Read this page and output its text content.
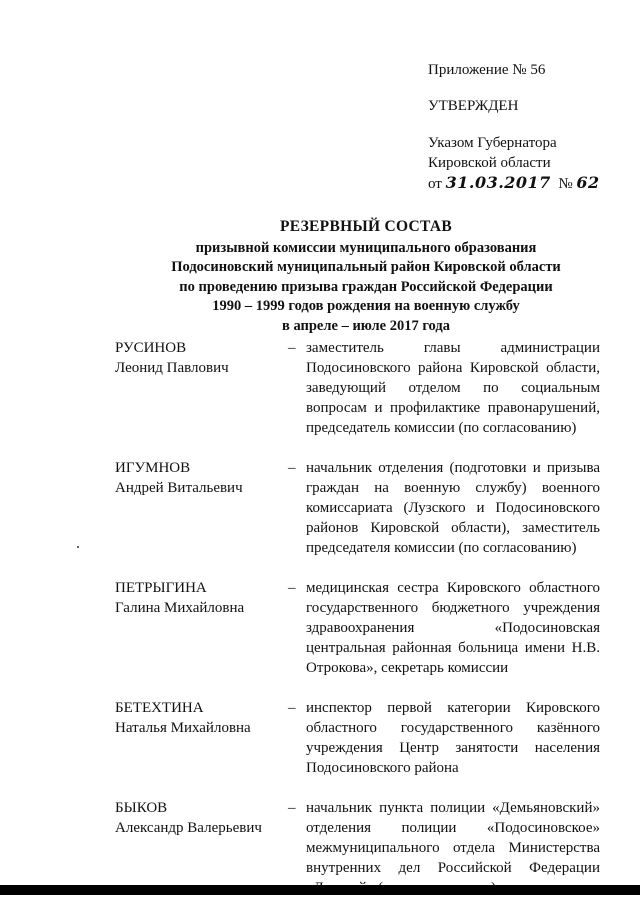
Приложение № 56
УТВЕРЖДЕН
Указом Губернатора
Кировской области
от 31.03.2017 № 62
РЕЗЕРВНЫЙ СОСТАВ
призывной комиссии муниципального образования
Подосиновский муниципальный район Кировской области
по проведению призыва граждан Российской Федерации
1990 – 1999 годов рождения на военную службу
в апреле – июле 2017 года
РУСИНОВ
Леонид Павлович
– заместитель главы администрации Подосиновского района Кировской области, заведующий отделом по социальным вопросам и профилактике правонарушений, председатель комиссии (по согласованию)
ИГУМНОВ
Андрей Витальевич
– начальник отделения (подготовки и призыва граждан на военную службу) военного комиссариата (Лузского и Подосиновского районов Кировской области), заместитель председателя комиссии (по согласованию)
ПЕТРЫГИНА
Галина Михайловна
– медицинская сестра Кировского областного государственного бюджетного учреждения здравоохранения «Подосиновская центральная районная больница имени Н.В. Отрокова», секретарь комиссии
БЕТЕХТИНА
Наталья Михайловна
– инспектор первой категории Кировского областного государственного казённого учреждения Центр занятости населения Подосиновского района
БЫКОВ
Александр Валерьевич
– начальник пункта полиции «Демьяновский» отделения полиции «Подосиновское» межмуниципального отдела Министерства внутренних дел Российской Федерации
